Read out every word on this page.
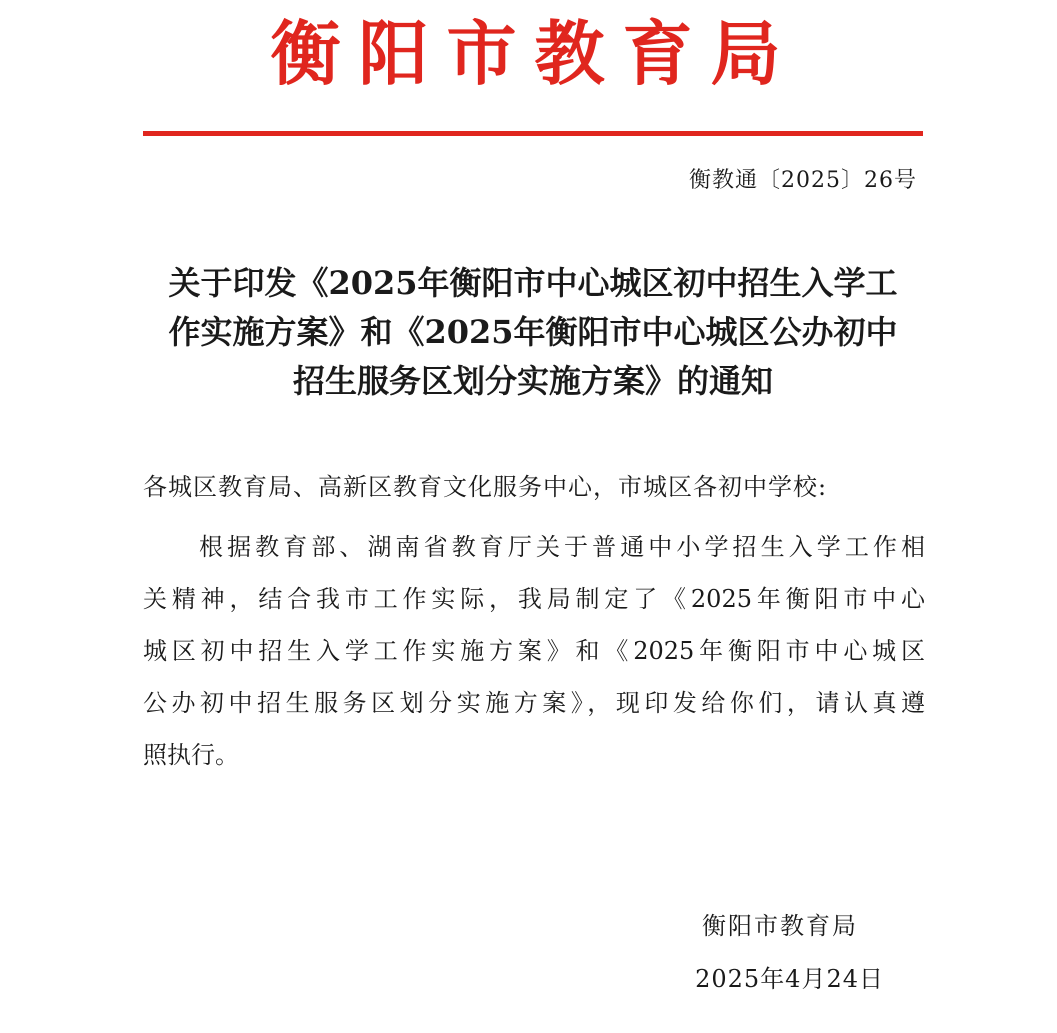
衡阳市教育局
衡教通〔2025〕26号
关于印发《2025年衡阳市中心城区初中招生入学工
作实施方案》和《2025年衡阳市中心城区公办初中
招生服务区划分实施方案》的通知
各城区教育局、高新区教育文化服务中心，市城区各初中学校:
根据教育部、湖南省教育厅关于普通中小学招生入学工作相
关精神，结合我市工作实际，我局制定了《2025年衡阳市中心
城区初中招生入学工作实施方案》和《2025年衡阳市中心城区
公办初中招生服务区划分实施方案》，现印发给你们，请认真遵
照执行。
衡阳市教育局
2025年4月24日
